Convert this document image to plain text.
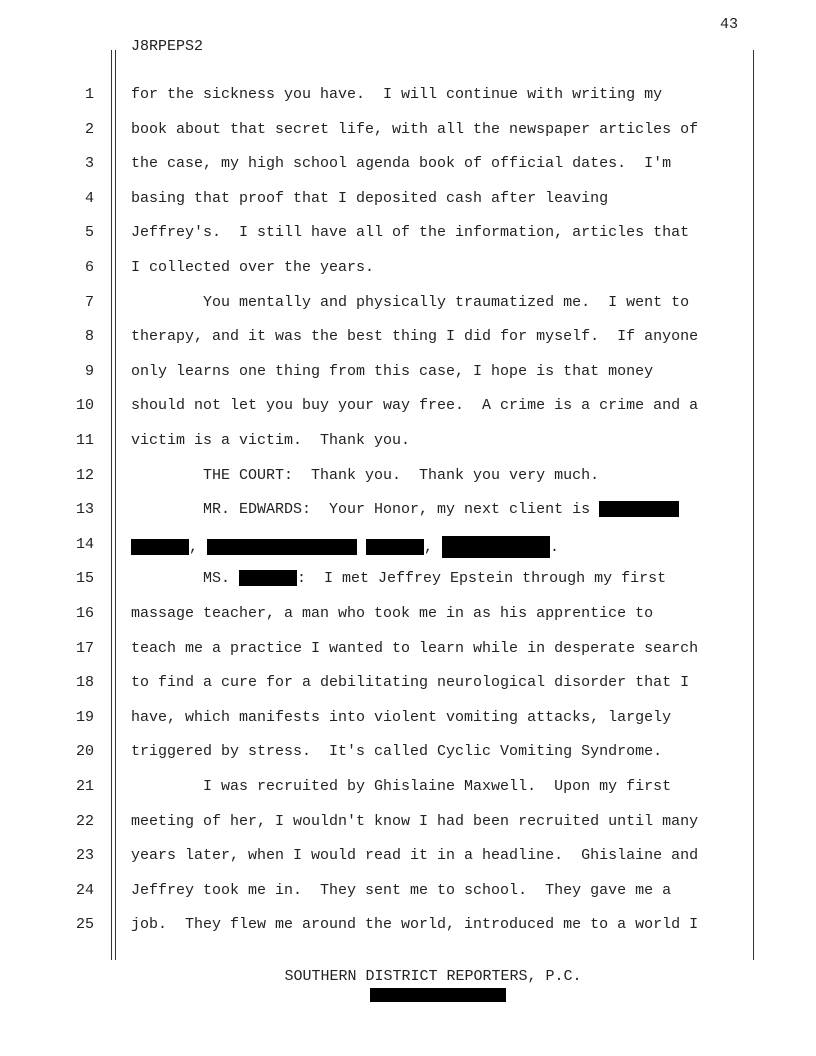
43
J8RPEPS2
1 for the sickness you have.  I will continue with writing my
2 book about that secret life, with all the newspaper articles of
3 the case, my high school agenda book of official dates.  I'm
4 basing that proof that I deposited cash after leaving
5 Jeffrey's.  I still have all of the information, articles that
6 I collected over the years.
7 You mentally and physically traumatized me.  I went to
8 therapy, and it was the best thing I did for myself.  If anyone
9 only learns one thing from this case, I hope is that money
10 should not let you buy your way free.  A crime is a crime and a
11 victim is a victim.  Thank you.
12 THE COURT:  Thank you.  Thank you very much.
13 MR. EDWARDS:  Your Honor, my next client is
14	,	,	.
15 MS.	:  I met Jeffrey Epstein through my first
16 massage teacher, a man who took me in as his apprentice to
17 teach me a practice I wanted to learn while in desperate search
18 to find a cure for a debilitating neurological disorder that I
19 have, which manifests into violent vomiting attacks, largely
20 triggered by stress.  It's called Cyclic Vomiting Syndrome.
21 I was recruited by Ghislaine Maxwell.  Upon my first
22 meeting of her, I wouldn't know I had been recruited until many
23 years later, when I would read it in a headline.  Ghislaine and
24 Jeffrey took me in.  They sent me to school.  They gave me a
25 job.  They flew me around the world, introduced me to a world I
SOUTHERN DISTRICT REPORTERS, P.C.
